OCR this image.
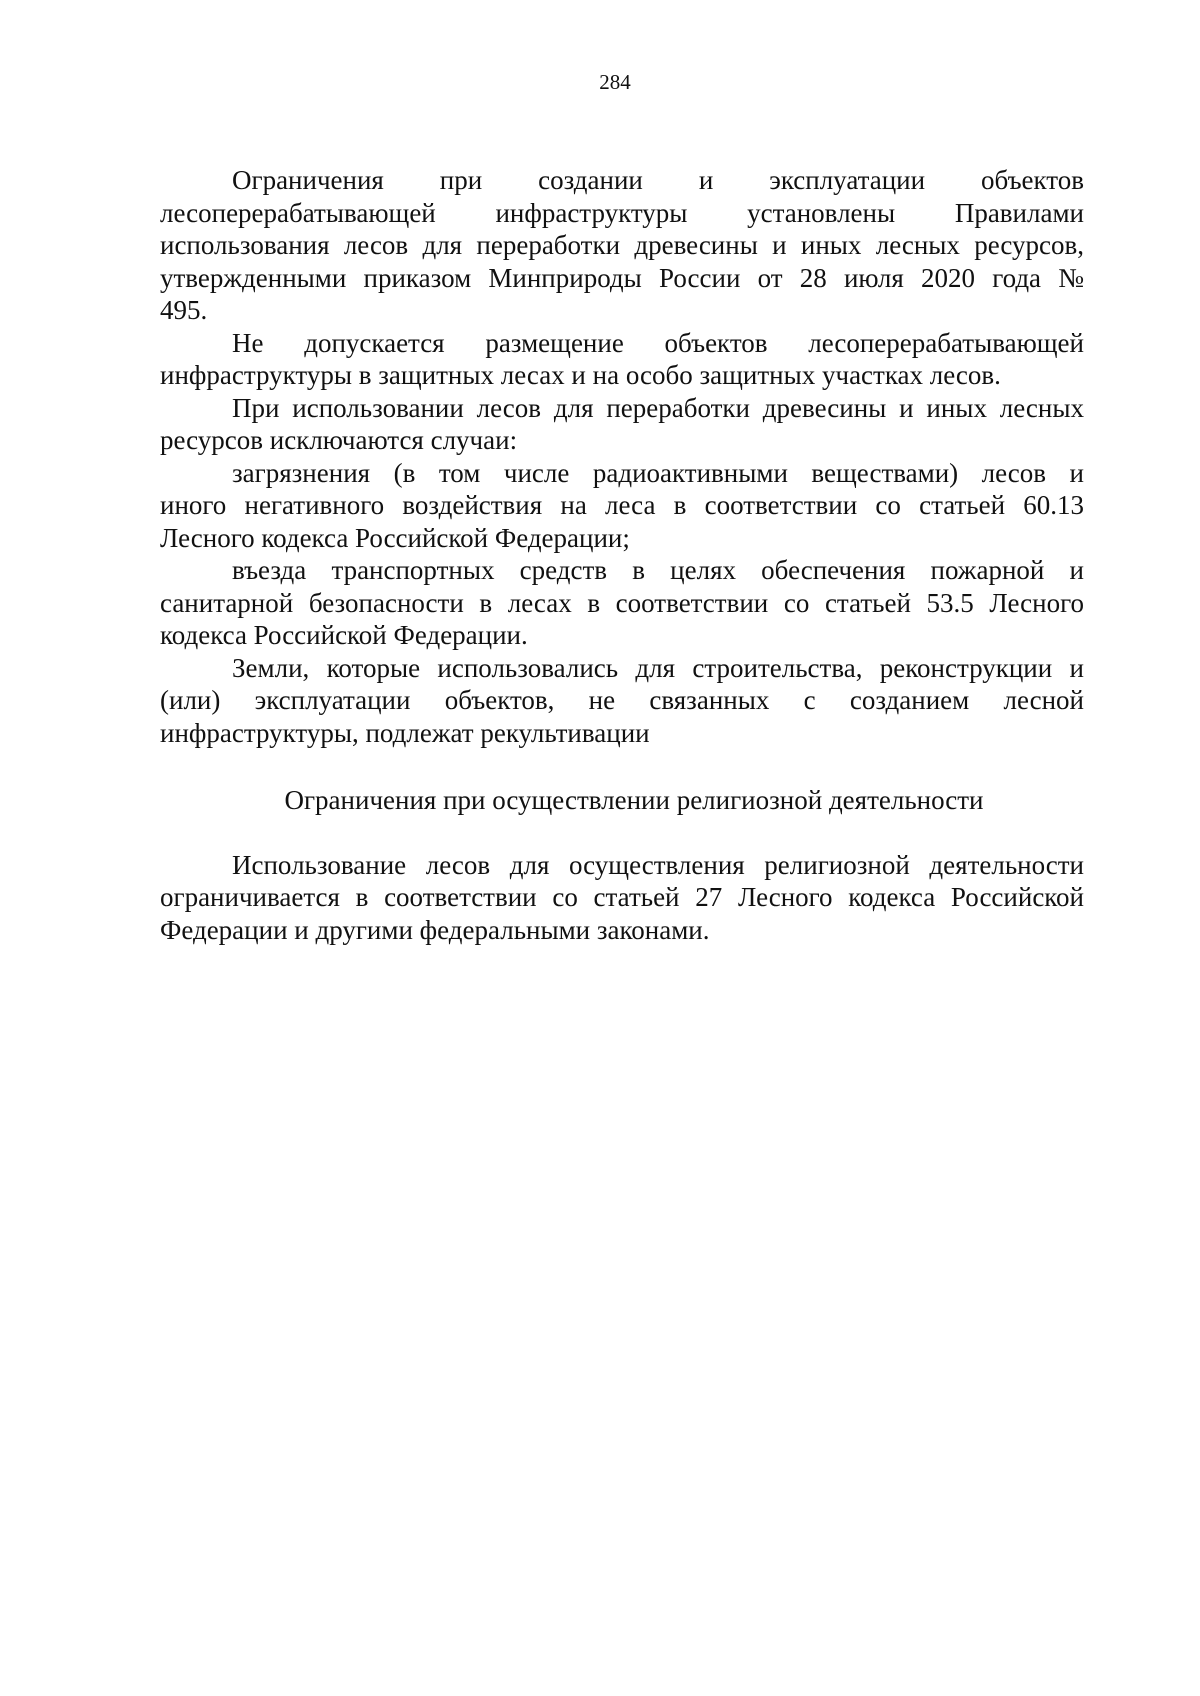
284
Ограничения при создании и эксплуатации объектов
лесоперерабатывающей инфраструктуры установлены Правилами
использования лесов для переработки древесины и иных лесных ресурсов,
утвержденными приказом Минприроды России от 28 июля 2020 года №
495.
Не допускается размещение объектов лесоперерабатывающей
инфраструктуры в защитных лесах и на особо защитных участках лесов.
При использовании лесов для переработки древесины и иных лесных
ресурсов исключаются случаи:
загрязнения (в том числе радиоактивными веществами) лесов и
иного негативного воздействия на леса в соответствии со статьей 60.13
Лесного кодекса Российской Федерации;
въезда транспортных средств в целях обеспечения пожарной и
санитарной безопасности в лесах в соответствии со статьей 53.5 Лесного
кодекса Российской Федерации.
Земли, которые использовались для строительства, реконструкции и
(или) эксплуатации объектов, не связанных с созданием лесной
инфраструктуры, подлежат рекультивации
Ограничения при осуществлении религиозной деятельности
Использование лесов для осуществления религиозной деятельности
ограничивается в соответствии со статьей 27 Лесного кодекса Российской
Федерации и другими федеральными законами.
